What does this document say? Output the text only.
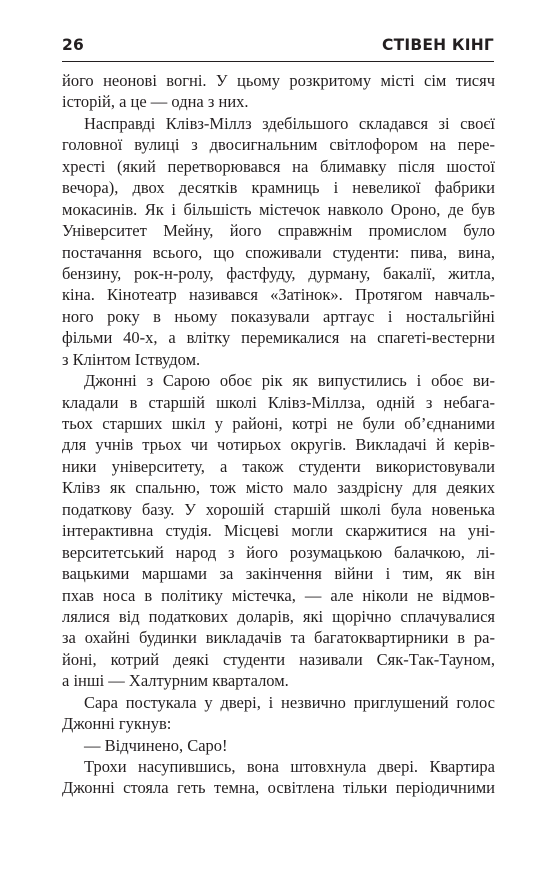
26	СТІВЕН КІНГ
його неонові вогні. У цьому розкритому місті сім тисяч
історій, а це — одна з них.
Насправді Клівз-Міллз здебільшого складався зі своєї
головної вулиці з двосигнальним світлофором на пере-
хресті (який перетворювався на блимавку після шостої
вечора), двох десятків крамниць і невеликої фабрики
мокасинів. Як і більшість містечок навколо Ороно, де був
Університет Мейну, його справжнім промислом було
постачання всього, що споживали студенти: пива, вина,
бензину, рок-н-ролу, фастфуду, дурману, бакалії, житла,
кіна. Кінотеатр називався «Затінок». Протягом навчаль-
ного року в ньому показували артгаус і ностальгійні
фільми 40-х, а влітку перемикалися на спагеті-вестерни
з Клінтом Іствудом.
Джонні з Сарою обоє рік як випустились і обоє ви-
кладали в старшій школі Клівз-Міллза, одній з небага-
тьох старших шкіл у районі, котрі не були об’єднаними
для учнів трьох чи чотирьох округів. Викладачі й керів-
ники університету, а також студенти використовували
Клівз як спальню, тож місто мало заздрісну для деяких
податкову базу. У хорошій старшій школі була новенька
інтерактивна студія. Місцеві могли скаржитися на уні-
верситетський народ з його розумацькою балачкою, лі-
вацькими маршами за закінчення війни і тим, як він
пхав носа в політику містечка, — але ніколи не відмов-
лялися від податкових доларів, які щорічно сплачувалися
за охайні будинки викладачів та багатоквартирники в ра-
йоні, котрий деякі студенти називали Сяк-Так-Тауном,
а інші — Халтурним кварталом.
Сара постукала у двері, і незвично приглушений голос
Джонні гукнув:
— Відчинено, Саро!
Трохи насупившись, вона штовхнула двері. Квартира
Джонні стояла геть темна, освітлена тільки періодичними
